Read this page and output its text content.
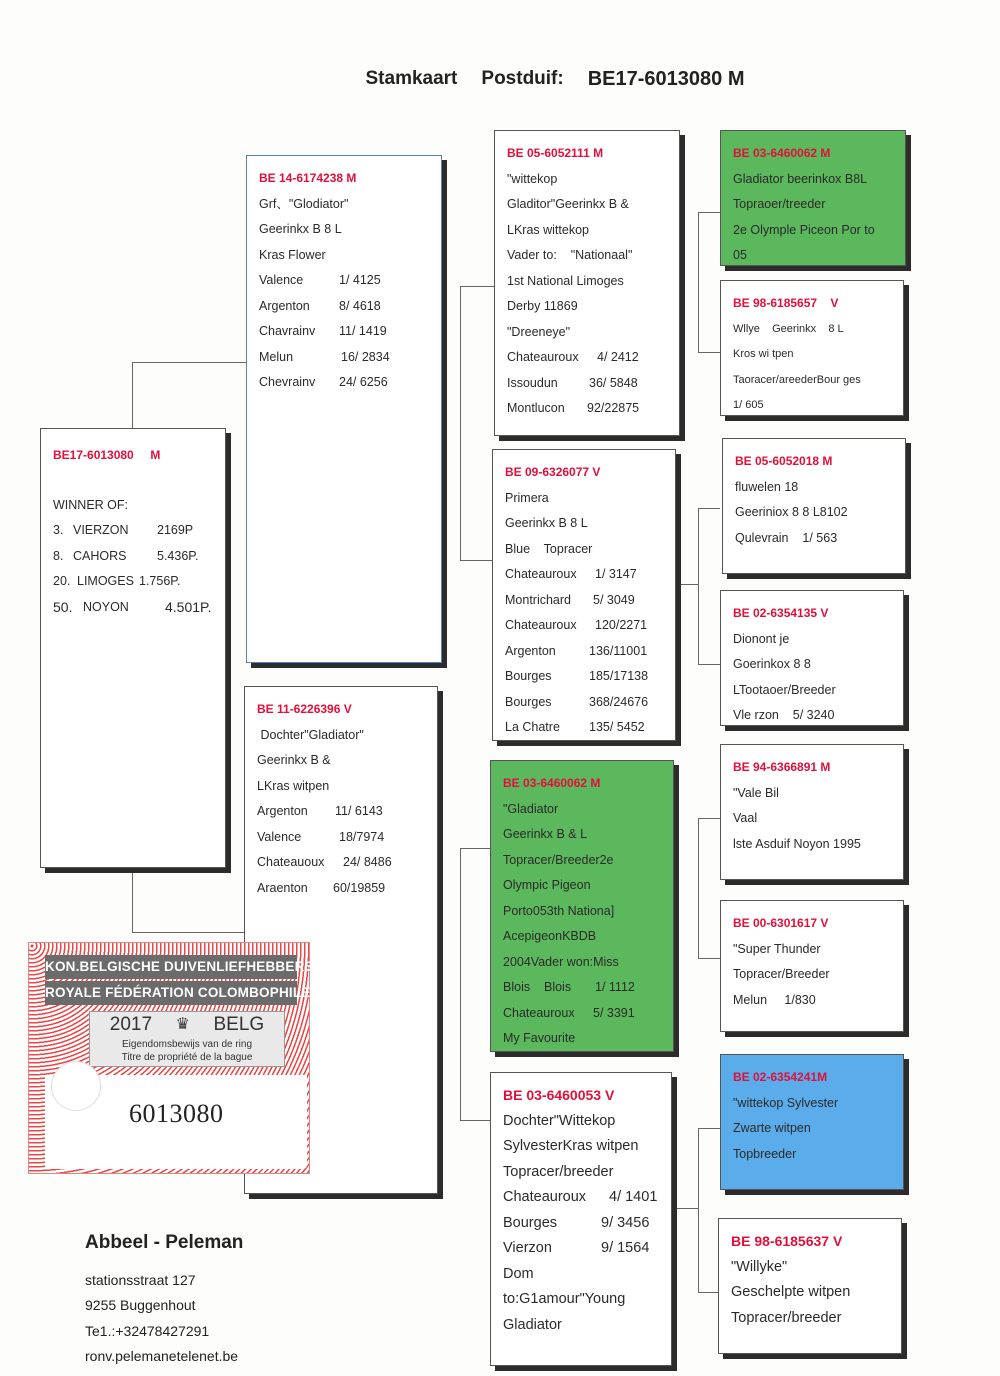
Stamkaart Postduif: BE17-6013080 M
BE17-6013080     M
WINNER OF:
3. VIERZON	2169P
8. CAHORS	5.436P.
20. LIMOGES 1.756P.
50. NOYON	4.501P.
BE 14-6174238 M
Grf、"Glodiator"
Geerinkx B 8 L
Kras Flower
Valence	1/ 4125
Argenton	8/ 4618
Chavrainv	11/ 1419
Melun	16/ 2834
Chevrainv	24/ 6256
BE 11-6226396 V
Dochter"Gladiator"
Geerinkx B &
LKras witpen
Argenton	11/ 6143
Valence	18/7974
Chateauoux	24/ 8486
Araenton	60/19859
BE 05-6052111 M
"wittekop
Gladitor"Geerinkx B &
LKras wittekop
Vader to:    "Nationaal"
1st National Limoges
Derby 11869
"Dreeneye"
Chateauroux	4/ 2412
Issoudun	36/ 5848
Montlucon	92/22875
BE 09-6326077 V
Primera
Geerinkx B 8 L
Blue    Topracer
Chateauroux	1/ 3147
Montrichard	5/ 3049
Chateauroux	120/2271
Argenton	136/11001
Bourges	185/17138
Bourges	368/24676
La Chatre	135/ 5452
BE 03-6460062 M
"Gladiator
Geerinkx B & L
Topracer/Breeder2e
Olympic Pigeon
Porto053th Nationa]
AcepigeonKBDB
2004Vader won:Miss
Blois    Blois	1/ 1112
Chateauroux	5/ 3391
My Favourite
BE 03-6460053 V
Dochter"Wittekop
SylvesterKras witpen
Topracer/breeder
Chateauroux	4/ 1401
Bourges	9/ 3456
Vierzon	9/ 1564
Dom
to:G1amour"Young
Gladiator
BE 03-6460062 M
Gladiator beerinkox B8L
Topraoer/treeder
2e Olymple Piceon Por to
05
BE 98-6185657    V
Wllye    Geerinkx    8 L
Kros wi tpen
Taoracer/areederBour ges
1/ 605
BE 05-6052018 M
fluwelen 18
Geeriniox 8 8 L8102
Qulevrain    1/ 563
BE 02-6354135 V
Dionont je
Goerinkox 8 8
LTootaoer/Breeder
Vle rzon    5/ 3240
BE 94-6366891 M
"Vale Bil
Vaal
lste Asduif Noyon 1995
BE 00-6301617 V
"Super Thunder
Topracer/Breeder
Melun     1/830
BE 02-6354241M
"wittekop Sylvester
Zwarte witpen
Topbreeder
BE 98-6185637 V
"Willyke"
Geschelpte witpen
Topracer/breeder
KON.BELGISCHE DUIVENLIEFHEBBERSBOND
ROYALE FÉDÉRATION COLOMBOPHILE BELGE
2017 ♛ BELG
Eigendomsbewijs van de ring
Titre de propriété de la bague
6013080
Abbeel - Peleman
stationsstraat 127
9255 Buggenhout
Te1.:+32478427291
ronv.pelemanetelenet.be
